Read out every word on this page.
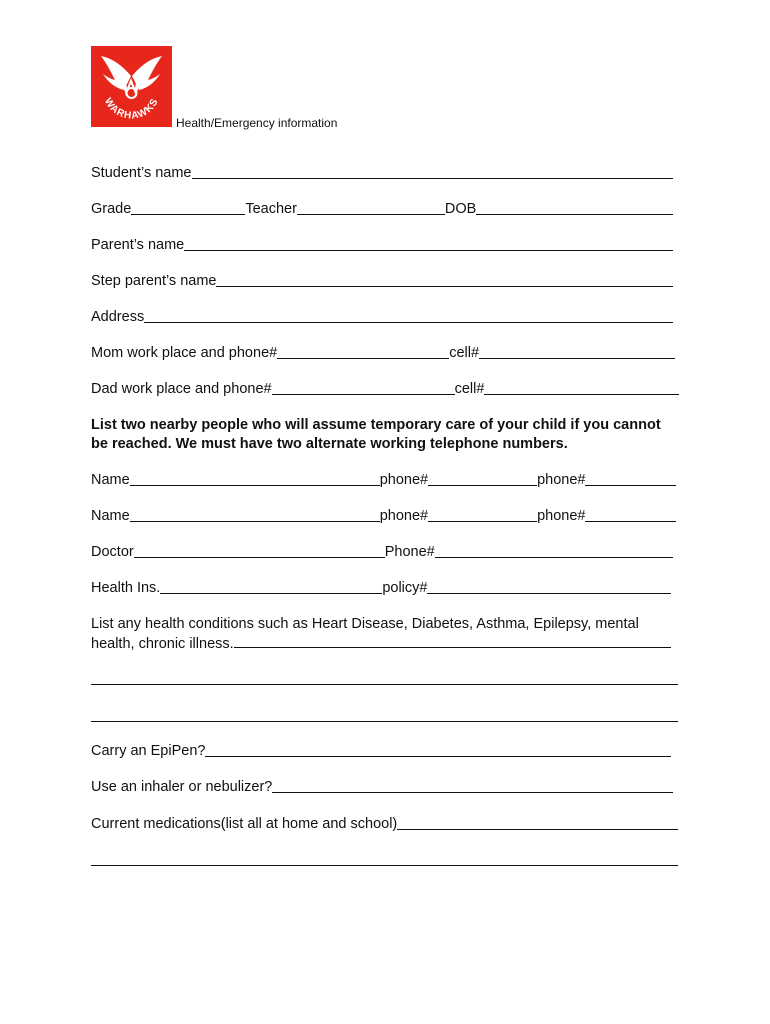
WARHAWKS
Health/Emergency information
Student’s name
Grade	Teacher	DOB
Parent’s name
Step parent’s name
Address
Mom work place and phone#	cell#
Dad work place and phone#	cell#

List two nearby people who will assume temporary care of your child if you cannot be reached. We must have two alternate working telephone numbers.

Name	phone#	phone#
Name	phone#	phone#
Doctor	Phone#
Health Ins.	policy#

List any health conditions such as Heart Disease, Diabetes, Asthma, Epilepsy, mental health, chronic illness.

Carry an EpiPen?
Use an inhaler or nebulizer?
Current medications(list all at home and school)
